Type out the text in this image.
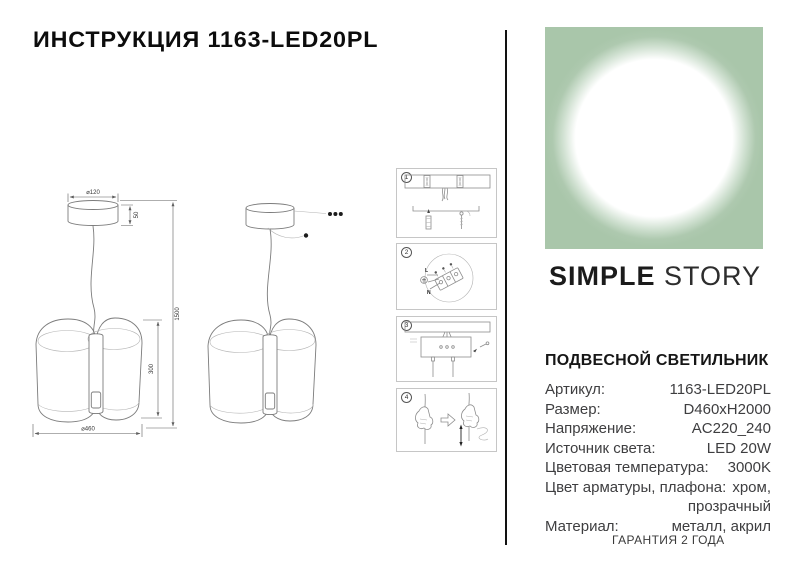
ИНСТРУКЦИЯ 1163-LED20PL
⌀120
50
300
1500
⌀460
1
2
L
N
3
4
SIMPLE STORY
ПОДВЕСНОЙ СВЕТИЛЬНИК
Артикул:	1163-LED20PL
Размер:	D460xH2000
Напряжение:	AC220_240
Источник света:	LED 20W
Цветовая температура: 3000K
Цвет арматуры, плафона: хром,
прозрачный
Материал:	металл, акрил
ГАРАНТИЯ 2 ГОДА
